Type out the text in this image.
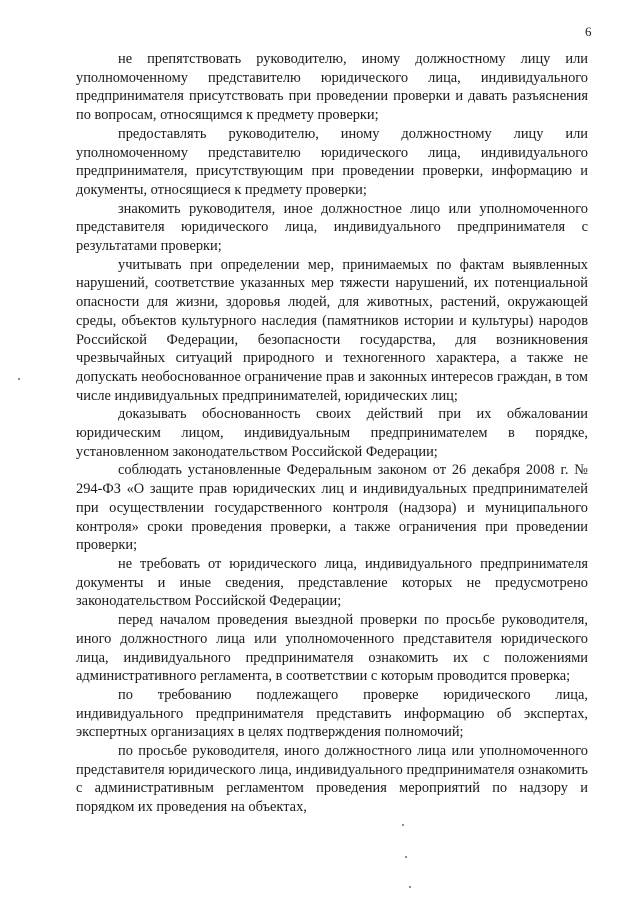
6

не препятствовать руководителю, иному должностному лицу или уполномоченному представителю юридического лица, индивидуального предпринимателя присутствовать при проведении проверки и давать разъяснения по вопросам, относящимся к предмету проверки;

предоставлять руководителю, иному должностному лицу или уполномоченному представителю юридического лица, индивидуального предпринимателя, присутствующим при проведении проверки, информацию и документы, относящиеся к предмету проверки;

знакомить руководителя, иное должностное лицо или уполномоченного представителя юридического лица, индивидуального предпринимателя с результатами проверки;

учитывать при определении мер, принимаемых по фактам выявленных нарушений, соответствие указанных мер тяжести нарушений, их потенциальной опасности для жизни, здоровья людей, для животных, растений, окружающей среды, объектов культурного наследия (памятников истории и культуры) народов Российской Федерации, безопасности государства, для возникновения чрезвычайных ситуаций природного и техногенного характера, а также не допускать необоснованное ограничение прав и законных интересов граждан, в том числе индивидуальных предпринимателей, юридических лиц;

доказывать обоснованность своих действий при их обжаловании юридическим лицом, индивидуальным предпринимателем в порядке, установленном законодательством Российской Федерации;

соблюдать установленные Федеральным законом от 26 декабря 2008 г. № 294-ФЗ «О защите прав юридических лиц и индивидуальных предпринимателей при осуществлении государственного контроля (надзора) и муниципального контроля» сроки проведения проверки, а также ограничения при проведении проверки;

не требовать от юридического лица, индивидуального предпринимателя документы и иные сведения, представление которых не предусмотрено законодательством Российской Федерации;

перед началом проведения выездной проверки по просьбе руководителя, иного должностного лица или уполномоченного представителя юридического лица, индивидуального предпринимателя ознакомить их с положениями административного регламента, в соответствии с которым проводится проверка;

по требованию подлежащего проверке юридического лица, индивидуального предпринимателя представить информацию об экспертах, экспертных организациях в целях подтверждения полномочий;

по просьбе руководителя, иного должностного лица или уполномоченного представителя юридического лица, индивидуального предпринимателя ознакомить с административным регламентом проведения мероприятий по надзору и порядком их проведения на объектах,
